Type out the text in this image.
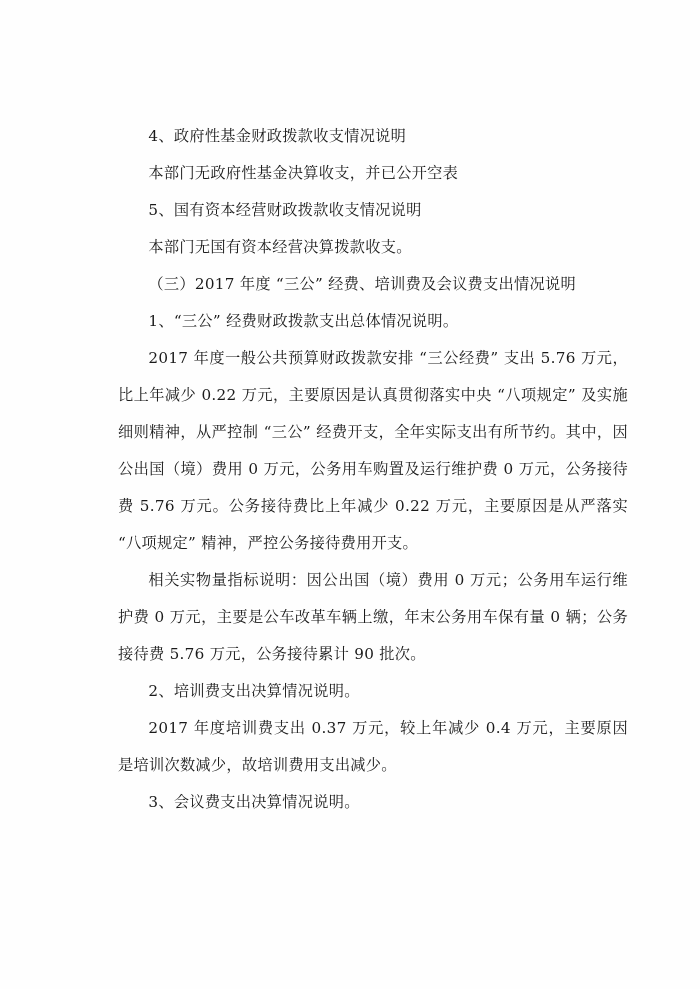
4、政府性基金财政拨款收支情况说明

本部门无政府性基金决算收支，并已公开空表

5、国有资本经营财政拨款收支情况说明

本部门无国有资本经营决算拨款收支。

（三）2017 年度 “三公” 经费、培训费及会议费支出情况说明

1、“三公” 经费财政拨款支出总体情况说明。

2017 年度一般公共预算财政拨款安排 “三公经费” 支出 5.76 万元，比上年减少 0.22 万元，主要原因是认真贯彻落实中央 “八项规定” 及实施细则精神，从严控制 “三公” 经费开支，全年实际支出有所节约。其中，因公出国（境）费用 0 万元，公务用车购置及运行维护费 0 万元，公务接待费 5.76 万元。公务接待费比上年减少 0.22 万元，主要原因是从严落实 “八项规定” 精神，严控公务接待费用开支。

相关实物量指标说明：因公出国（境）费用 0 万元；公务用车运行维护费 0 万元，主要是公车改革车辆上缴，年末公务用车保有量 0 辆；公务接待费 5.76 万元，公务接待累计 90 批次。

2、培训费支出决算情况说明。

2017 年度培训费支出 0.37 万元，较上年减少 0.4 万元，主要原因是培训次数减少，故培训费用支出减少。

3、会议费支出决算情况说明。
